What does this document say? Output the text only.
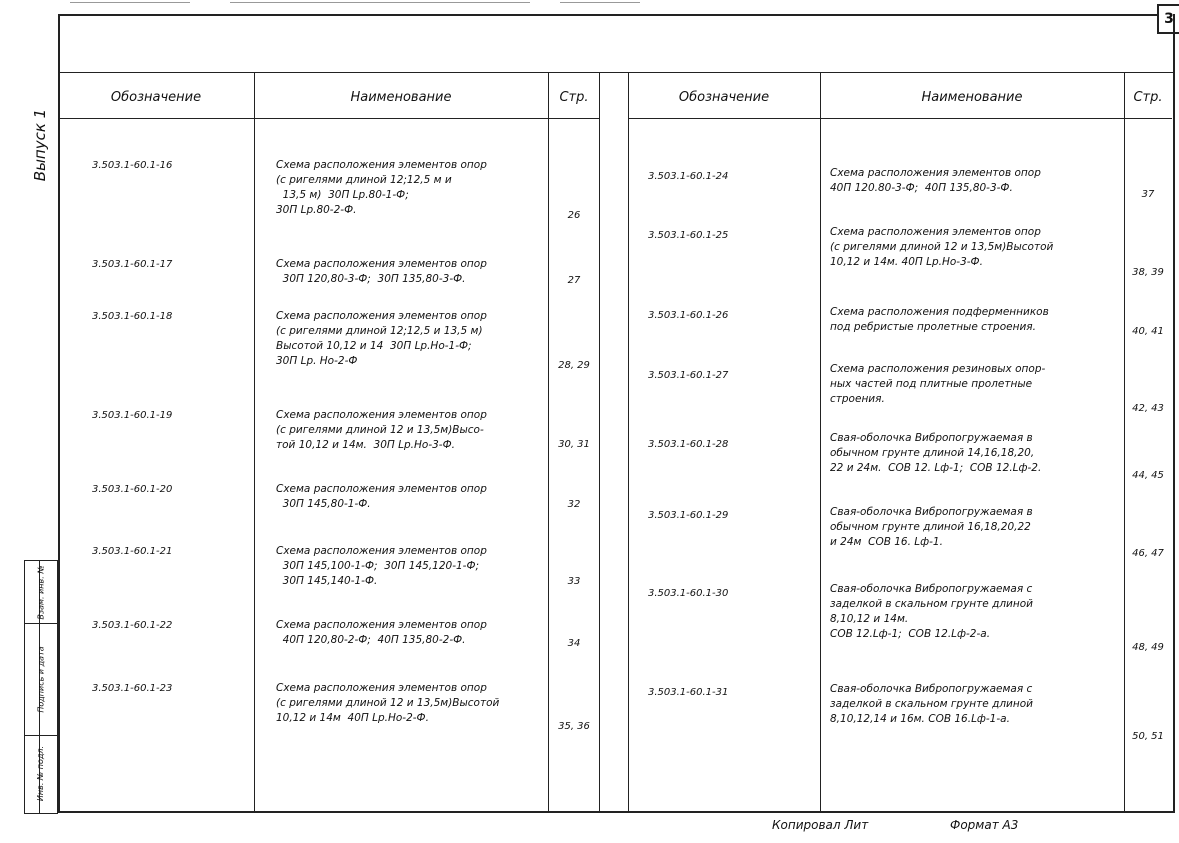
3
Выпуск 1
Взам. инв. №
Подпись и дата
Инв. № подл.
Обозначение	Наименование	Стр.
3.503.1-60.1-16	Схема расположения элементов опор
(с ригелями длиной 12;12,5 м и
13,5 м)  30П Lр.80-1-Ф;
30П Lр.80-2-Ф.	26
3.503.1-60.1-17	Схема расположения элементов опор
30П 120,80-3-Ф;  30П 135,80-3-Ф.	27
3.503.1-60.1-18	Схема расположения элементов опор
(с ригелями длиной 12;12,5 и 13,5 м)
Высотой 10,12 и 14  30П Lр.Но-1-Ф;
30П Lр. Но-2-Ф	28, 29
3.503.1-60.1-19	Схема расположения элементов опор
(с ригелями длиной 12 и 13,5м)Высо-
той 10,12 и 14м.  30П Lр.Но-3-Ф.	30, 31
3.503.1-60.1-20	Схема расположения элементов опор
30П 145,80-1-Ф.	32
3.503.1-60.1-21	Схема расположения элементов опор
30П 145,100-1-Ф;  30П 145,120-1-Ф;
30П 145,140-1-Ф.	33
3.503.1-60.1-22	Схема расположения элементов опор
40П 120,80-2-Ф;  40П 135,80-2-Ф.	34
3.503.1-60.1-23	Схема расположения элементов опор
(с ригелями длиной 12 и 13,5м)Высотой
10,12 и 14м  40П Lр.Но-2-Ф.
35, 36
Обозначение	Наименование	Стр.
3.503.1-60.1-24	Схема расположения элементов опор
40П 120.80-3-Ф;  40П 135,80-3-Ф.
37
3.503.1-60.1-25	Схема расположения элементов опор
(с ригелями длиной 12 и 13,5м)Высотой
10,12 и 14м. 40П Lр.Но-3-Ф.
38, 39
3.503.1-60.1-26	Схема расположения подферменников
под ребристые пролетные строения.	40, 41
3.503.1-60.1-27
Схема расположения резиновых опор-
ных частей под плитные пролетные
строения.
42, 43
3.503.1-60.1-28
Свая-оболочка Вибропогружаемая в
обычном грунте длиной 14,16,18,20,
22 и 24м.  СОВ 12. Lф-1;  СОВ 12.Lф-2.
44, 45
3.503.1-60.1-29	Свая-оболочка Вибропогружаемая в
обычном грунте длиной 16,18,20,22
и 24м  СОВ 16. Lф-1.
46, 47
3.503.1-60.1-30	Свая-оболочка Вибропогружаемая с
заделкой в скальном грунте длиной
8,10,12 и 14м.
СОВ 12.Lф-1;  СОВ 12.Lф-2-а.
48, 49
3.503.1-60.1-31	Свая-оболочка Вибропогружаемая с
заделкой в скальном грунте длиной
8,10,12,14 и 16м. СОВ 16.Lф-1-а.
50, 51
Копировал Лит	Формат А3
